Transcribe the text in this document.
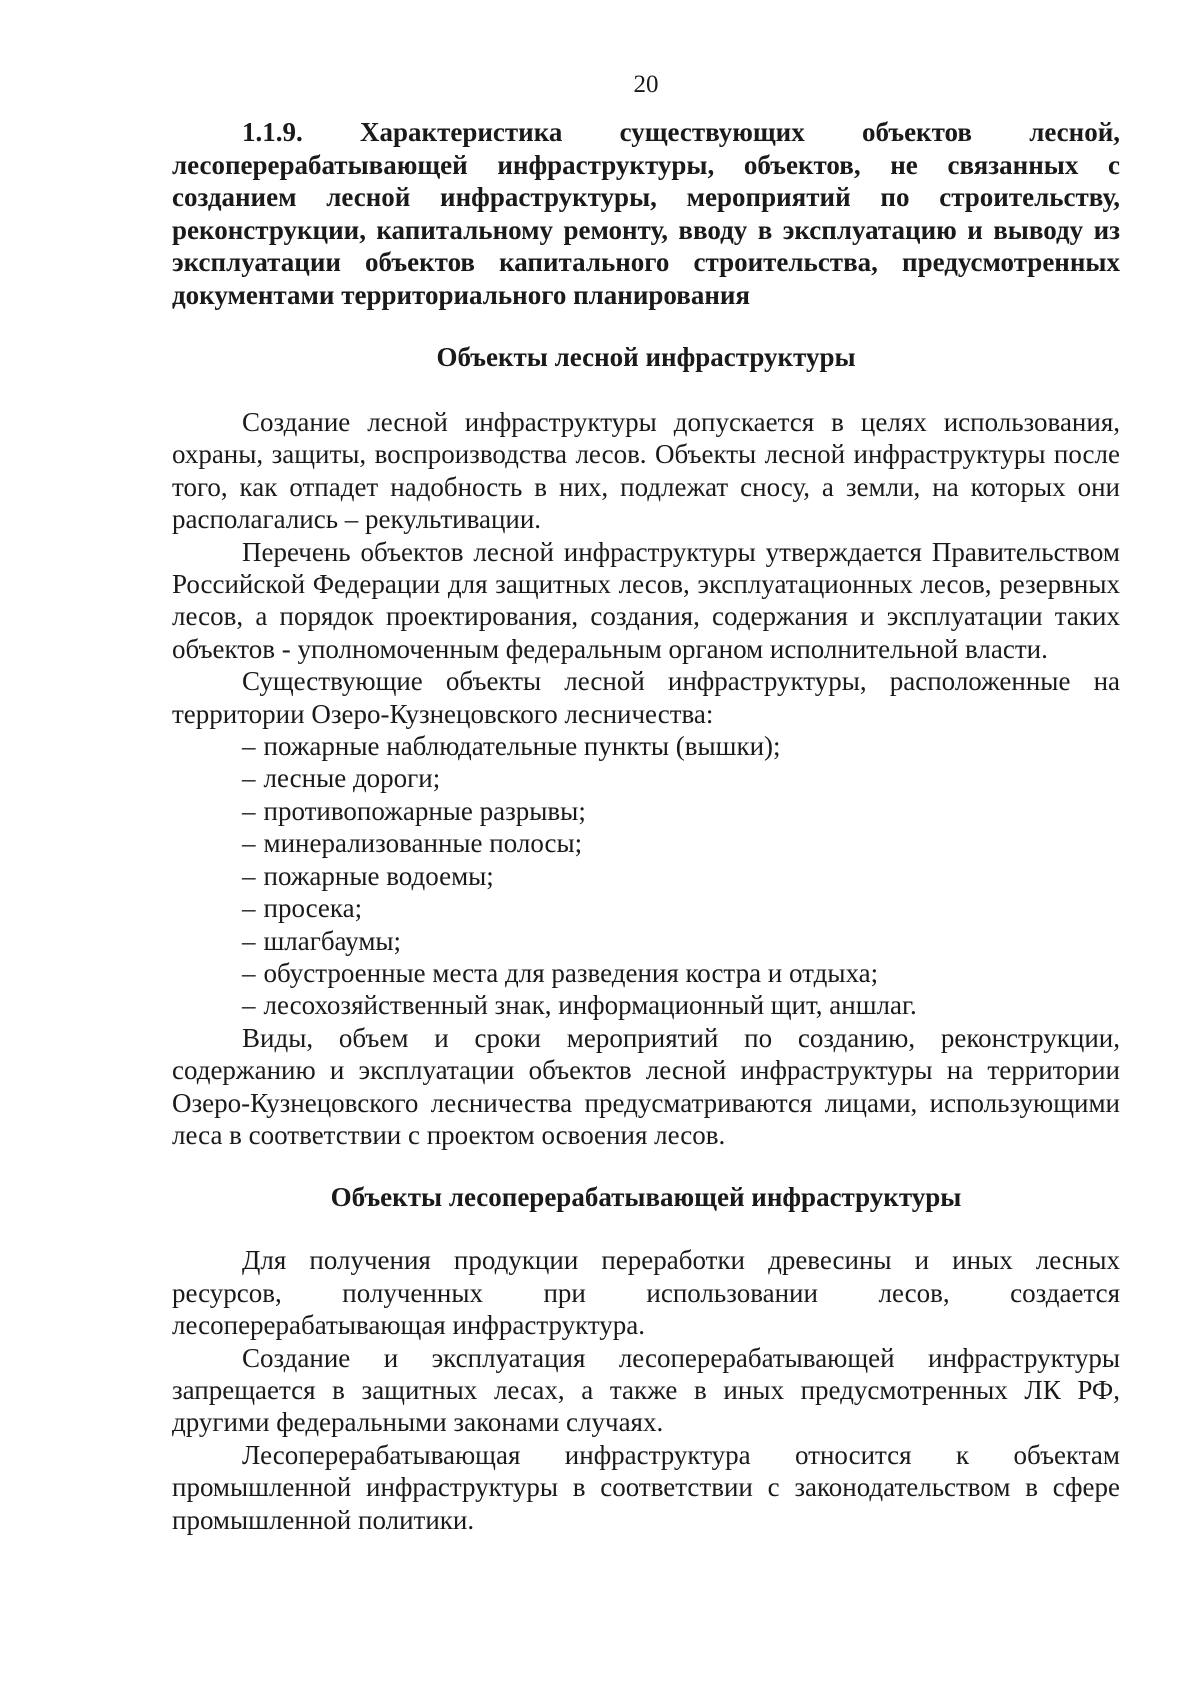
20

1.1.9. Характеристика существующих объектов лесной, лесоперерабатывающей инфраструктуры, объектов, не связанных с созданием лесной инфраструктуры, мероприятий по строительству, реконструкции, капитальному ремонту, вводу в эксплуатацию и выводу из эксплуатации объектов капитального строительства, предусмотренных документами территориального планирования

Объекты лесной инфраструктуры

Создание лесной инфраструктуры допускается в целях использования, охраны, защиты, воспроизводства лесов. Объекты лесной инфраструктуры после того, как отпадет надобность в них, подлежат сносу, а земли, на которых они располагались – рекультивации.

Перечень объектов лесной инфраструктуры утверждается Правительством Российской Федерации для защитных лесов, эксплуатационных лесов, резервных лесов, а порядок проектирования, создания, содержания и эксплуатации таких объектов - уполномоченным федеральным органом исполнительной власти.

Существующие объекты лесной инфраструктуры, расположенные на территории Озеро-Кузнецовского лесничества:

– пожарные наблюдательные пункты (вышки);
– лесные дороги;
– противопожарные разрывы;
– минерализованные полосы;
– пожарные водоемы;
– просека;
– шлагбаумы;
– обустроенные места для разведения костра и отдыха;
– лесохозяйственный знак, информационный щит, аншлаг.

Виды, объем и сроки мероприятий по созданию, реконструкции, содержанию и эксплуатации объектов лесной инфраструктуры на территории Озеро-Кузнецовского лесничества предусматриваются лицами, использующими леса в соответствии с проектом освоения лесов.

Объекты лесоперерабатывающей инфраструктуры

Для получения продукции переработки древесины и иных лесных ресурсов, полученных при использовании лесов, создается лесоперерабатывающая инфраструктура.

Создание и эксплуатация лесоперерабатывающей инфраструктуры запрещается в защитных лесах, а также в иных предусмотренных ЛК РФ, другими федеральными законами случаях.

Лесоперерабатывающая инфраструктура относится к объектам промышленной инфраструктуры в соответствии с законодательством в сфере промышленной политики.
